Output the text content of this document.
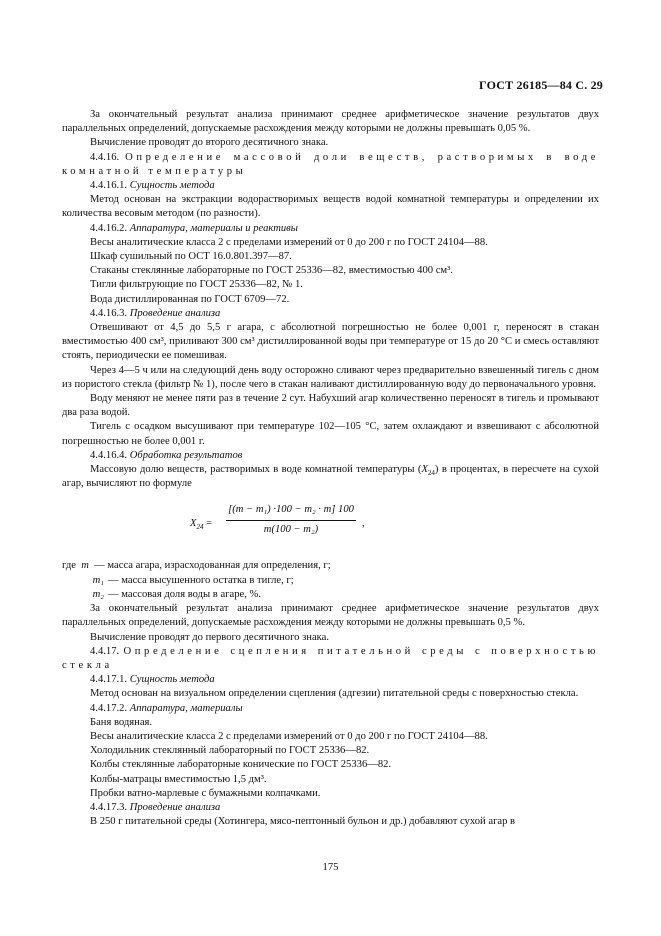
ГОСТ 26185—84 С. 29

За окончательный результат анализа принимают среднее арифметическое значение результатов двух параллельных определений, допускаемые расхождения между которыми не должны превышать 0,05 %.

Вычисление проводят до второго десятичного знака.

4.4.16. Определение массовой доли веществ, растворимых в воде комнатной температуры

4.4.16.1. Сущность метода

Метод основан на экстракции водорастворимых веществ водой комнатной температуры и определении их количества весовым методом (по разности).

4.4.16.2. Аппаратура, материалы и реактивы

Весы аналитические класса 2 с пределами измерений от 0 до 200 г по ГОСТ 24104—88.

Шкаф сушильный по ОСТ 16.0.801.397—87.

Стаканы стеклянные лабораторные по ГОСТ 25336—82, вместимостью 400 см³.

Тигли фильтрующие по ГОСТ 25336—82, № 1.

Вода дистиллированная по ГОСТ 6709—72.

4.4.16.3. Проведение анализа

Отвешивают от 4,5 до 5,5 г агара, с абсолютной погрешностью не более 0,001 г, переносят в стакан вместимостью 400 см³, приливают 300 см³ дистиллированной воды при температуре от 15 до 20 °С и смесь оставляют стоять, периодически ее помешивая.

Через 4—5 ч или на следующий день воду осторожно сливают через предварительно взвешенный тигель с дном из пористого стекла (фильтр № 1), после чего в стакан наливают дистиллированную воду до первоначального уровня.

Воду меняют не менее пяти раз в течение 2 сут. Набухший агар количественно переносят в тигель и промывают два раза водой.

Тигель с осадком высушивают при температуре 102—105 °С, затем охлаждают и взвешивают с абсолютной погрешностью не более 0,001 г.

4.4.16.4. Обработка результатов

Массовую долю веществ, растворимых в воде комнатной температуры $(X_{24})$ в процентах, в пересчете на сухой агар, вычисляют по формуле

$X_{24} = \frac{\text{[(m − m₁) ·100 − m₂ · m] 100}}{\text{m(100 − m₂)}}$ ,
где
m
— масса агара, израсходованная для определения, г;
m₁ — масса высушенного остатка в тигле, г;
m₂ — массовая доля воды в агаре, %.

За окончательный результат анализа принимают среднее арифметическое значение результатов двух параллельных определений, допускаемые расхождения между которыми не должны превышать 0,5 %.

Вычисление проводят до первого десятичного знака.

4.4.17. Определение сцепления питательной среды с поверхностью стекла

4.4.17.1. Сущность метода

Метод основан на визуальном определении сцепления (адгезии) питательной среды с поверхностью стекла.

4.4.17.2. Аппаратура, материалы

Баня водяная.

Весы аналитические класса 2 с пределами измерений от 0 до 200 г по ГОСТ 24104—88.

Холодильник стеклянный лабораторный по ГОСТ 25336—82.

Колбы стеклянные лабораторные конические по ГОСТ 25336—82.

Колбы-матрацы вместимостью 1,5 дм³.

Пробки ватно-марлевые с бумажными колпачками.

4.4.17.3. Проведение анализа

В 250 г питательной среды (Хотингера, мясо-пептонный бульон и др.) добавляют сухой агар в

175
